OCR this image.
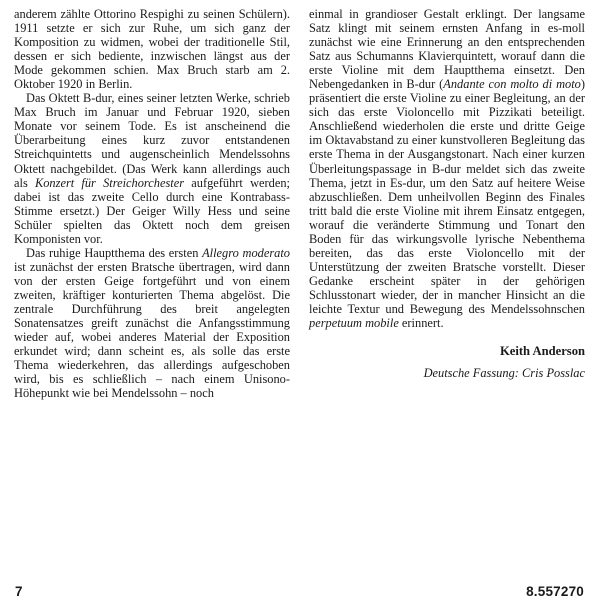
anderem zählte Ottorino Respighi zu seinen Schülern). 1911 setzte er sich zur Ruhe, um sich ganz der Komposition zu widmen, wobei der traditionelle Stil, dessen er sich bediente, inzwischen längst aus der Mode gekommen schien. Max Bruch starb am 2. Oktober 1920 in Berlin.

Das Oktett B-dur, eines seiner letzten Werke, schrieb Max Bruch im Januar und Februar 1920, sieben Monate vor seinem Tode. Es ist anscheinend die Überarbeitung eines kurz zuvor entstandenen Streichquintetts und augenscheinlich Mendelssohns Oktett nachgebildet. (Das Werk kann allerdings auch als Konzert für Streichorchester aufgeführt werden; dabei ist das zweite Cello durch eine Kontrabass-Stimme ersetzt.) Der Geiger Willy Hess und seine Schüler spielten das Oktett noch dem greisen Komponisten vor.

Das ruhige Hauptthema des ersten Allegro moderato ist zunächst der ersten Bratsche übertragen, wird dann von der ersten Geige fortgeführt und von einem zweiten, kräftiger konturierten Thema abgelöst. Die zentrale Durchführung des breit angelegten Sonatensatzes greift zunächst die Anfangsstimmung wieder auf, wobei anderes Material der Exposition erkundet wird; dann scheint es, als solle das erste Thema wiederkehren, das allerdings aufgeschoben wird, bis es schließlich – nach einem Unisono-Höhepunkt wie bei Mendelssohn – noch

einmal in grandioser Gestalt erklingt. Der langsame Satz klingt mit seinem ernsten Anfang in es-moll zunächst wie eine Erinnerung an den entsprechenden Satz aus Schumanns Klavierquintett, worauf dann die erste Violine mit dem Hauptthema einsetzt. Den Nebengedanken in B-dur (Andante con molto di moto) präsentiert die erste Violine zu einer Begleitung, an der sich das erste Violoncello mit Pizzikati beteiligt. Anschließend wiederholen die erste und dritte Geige im Oktavabstand zu einer kunstvolleren Begleitung das erste Thema in der Ausgangstonart. Nach einer kurzen Überleitungspassage in B-dur meldet sich das zweite Thema, jetzt in Es-dur, um den Satz auf heitere Weise abzuschließen. Dem unheilvollen Beginn des Finales tritt bald die erste Violine mit ihrem Einsatz entgegen, worauf die veränderte Stimmung und Tonart den Boden für das wirkungsvolle lyrische Nebenthema bereiten, das das erste Violoncello mit der Unterstützung der zweiten Bratsche vorstellt. Dieser Gedanke erscheint später in der gehörigen Schlusstonart wieder, der in mancher Hinsicht an die leichte Textur und Bewegung des Mendelssohnschen perpetuum mobile erinnert.

Keith Anderson

Deutsche Fassung: Cris Posslac

7	8.557270
